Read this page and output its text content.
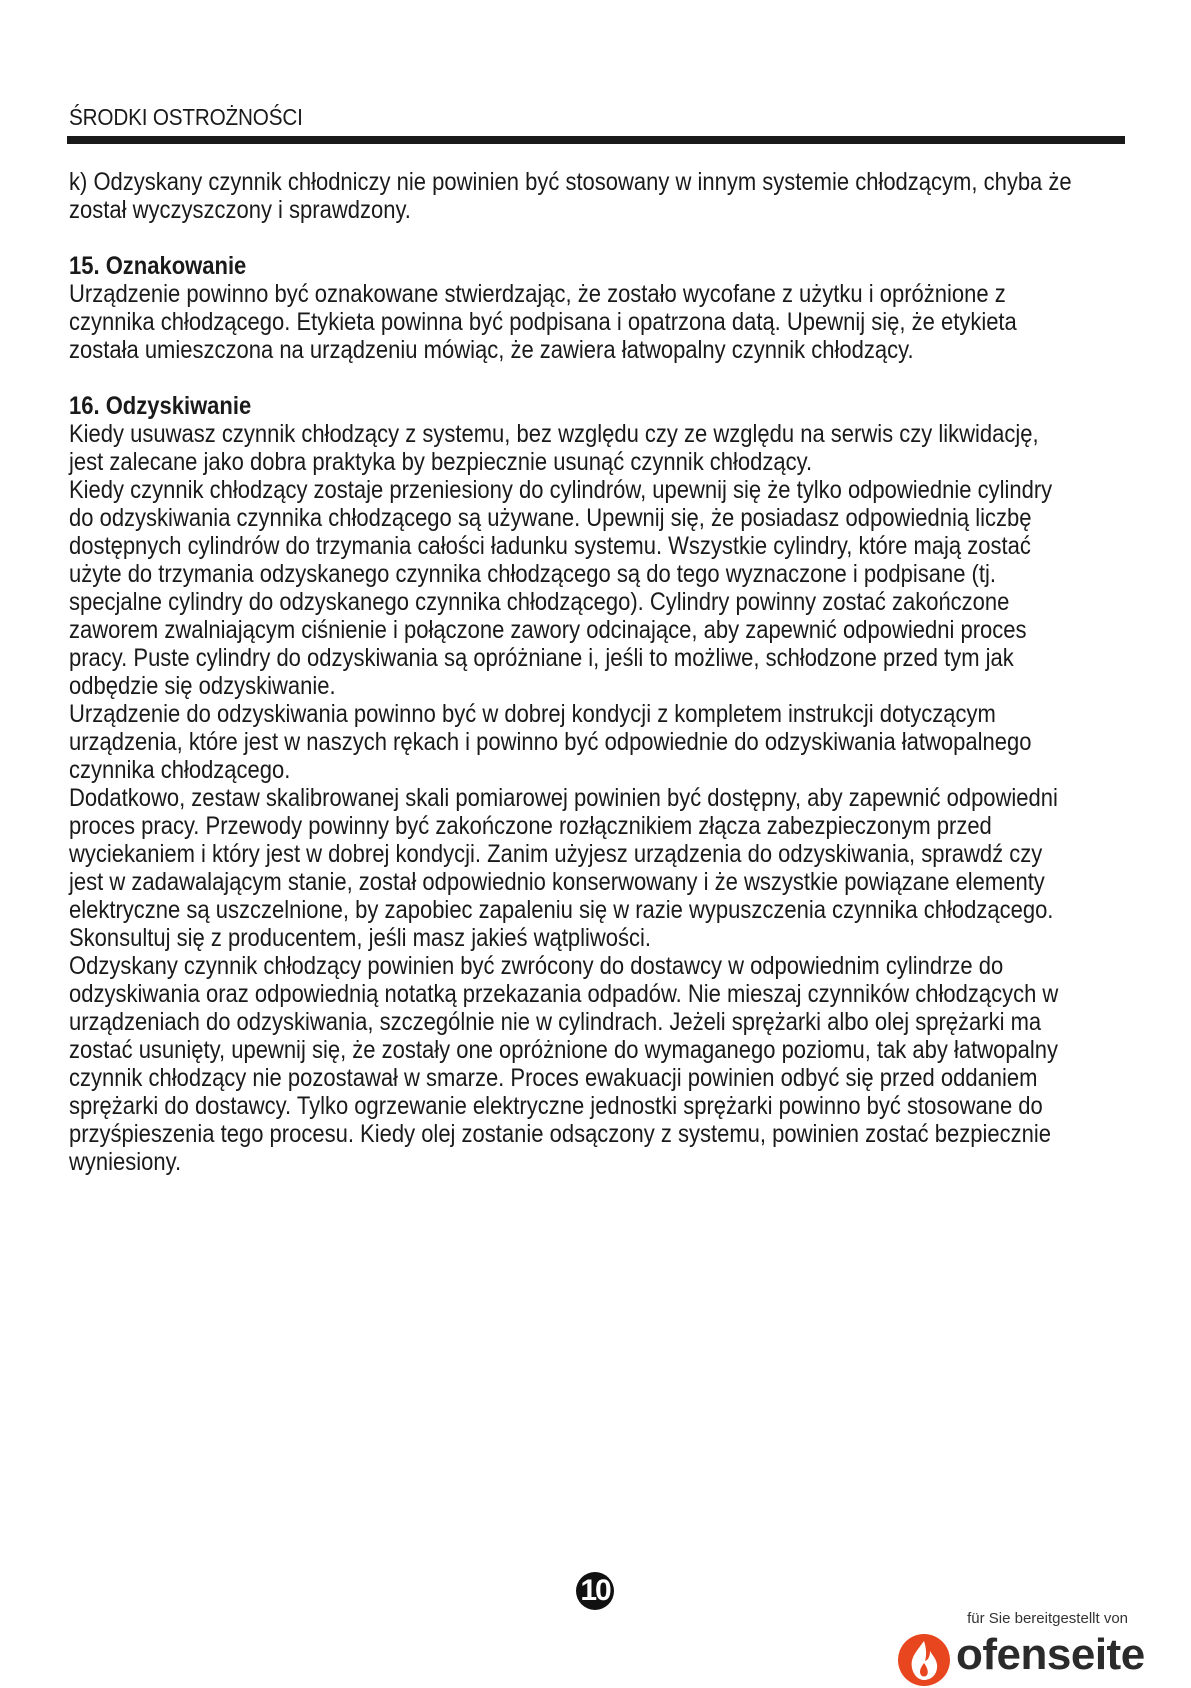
ŚRODKI OSTROŻNOŚCI

k) Odzyskany czynnik chłodniczy nie powinien być stosowany w innym systemie chłodzącym, chyba że
został wyczyszczony i sprawdzony.

15. Oznakowanie

Urządzenie powinno być oznakowane stwierdzając, że zostało wycofane z użytku i opróżnione z
czynnika chłodzącego. Etykieta powinna być podpisana i opatrzona datą. Upewnij się, że etykieta
została umieszczona na urządzeniu mówiąc, że zawiera łatwopalny czynnik chłodzący.

16. Odzyskiwanie

Kiedy usuwasz czynnik chłodzący z systemu, bez względu czy ze względu na serwis czy likwidację,
jest zalecane jako dobra praktyka by bezpiecznie usunąć czynnik chłodzący.
Kiedy czynnik chłodzący zostaje przeniesiony do cylindrów, upewnij się że tylko odpowiednie cylindry
do odzyskiwania czynnika chłodzącego są używane. Upewnij się, że posiadasz odpowiednią liczbę
dostępnych cylindrów do trzymania całości ładunku systemu. Wszystkie cylindry, które mają zostać
użyte do trzymania odzyskanego czynnika chłodzącego są do tego wyznaczone i podpisane (tj.
specjalne cylindry do odzyskanego czynnika chłodzącego). Cylindry powinny zostać zakończone
zaworem zwalniającym ciśnienie i połączone zawory odcinające, aby zapewnić odpowiedni proces
pracy. Puste cylindry do odzyskiwania są opróżniane i, jeśli to możliwe, schłodzone przed tym jak
odbędzie się odzyskiwanie.
Urządzenie do odzyskiwania powinno być w dobrej kondycji z kompletem instrukcji dotyczącym
urządzenia, które jest w naszych rękach i powinno być odpowiednie do odzyskiwania łatwopalnego
czynnika chłodzącego.
Dodatkowo, zestaw skalibrowanej skali pomiarowej powinien być dostępny, aby zapewnić odpowiedni
proces pracy. Przewody powinny być zakończone rozłącznikiem złącza zabezpieczonym przed
wyciekaniem i który jest w dobrej kondycji. Zanim użyjesz urządzenia do odzyskiwania, sprawdź czy
jest w zadawalającym stanie, został odpowiednio konserwowany i że wszystkie powiązane elementy
elektryczne są uszczelnione, by zapobiec zapaleniu się w razie wypuszczenia czynnika chłodzącego.
Skonsultuj się z producentem, jeśli masz jakieś wątpliwości.
Odzyskany czynnik chłodzący powinien być zwrócony do dostawcy w odpowiednim cylindrze do
odzyskiwania oraz odpowiednią notatką przekazania odpadów. Nie mieszaj czynników chłodzących w
urządzeniach do odzyskiwania, szczególnie nie w cylindrach. Jeżeli sprężarki albo olej sprężarki ma
zostać usunięty, upewnij się, że zostały one opróżnione do wymaganego poziomu, tak aby łatwopalny
czynnik chłodzący nie pozostawał w smarze. Proces ewakuacji powinien odbyć się przed oddaniem
sprężarki do dostawcy. Tylko ogrzewanie elektryczne jednostki sprężarki powinno być stosowane do
przyśpieszenia tego procesu. Kiedy olej zostanie odsączony z systemu, powinien zostać bezpiecznie
wyniesiony.

10
für Sie bereitgestellt von
ofenseite
